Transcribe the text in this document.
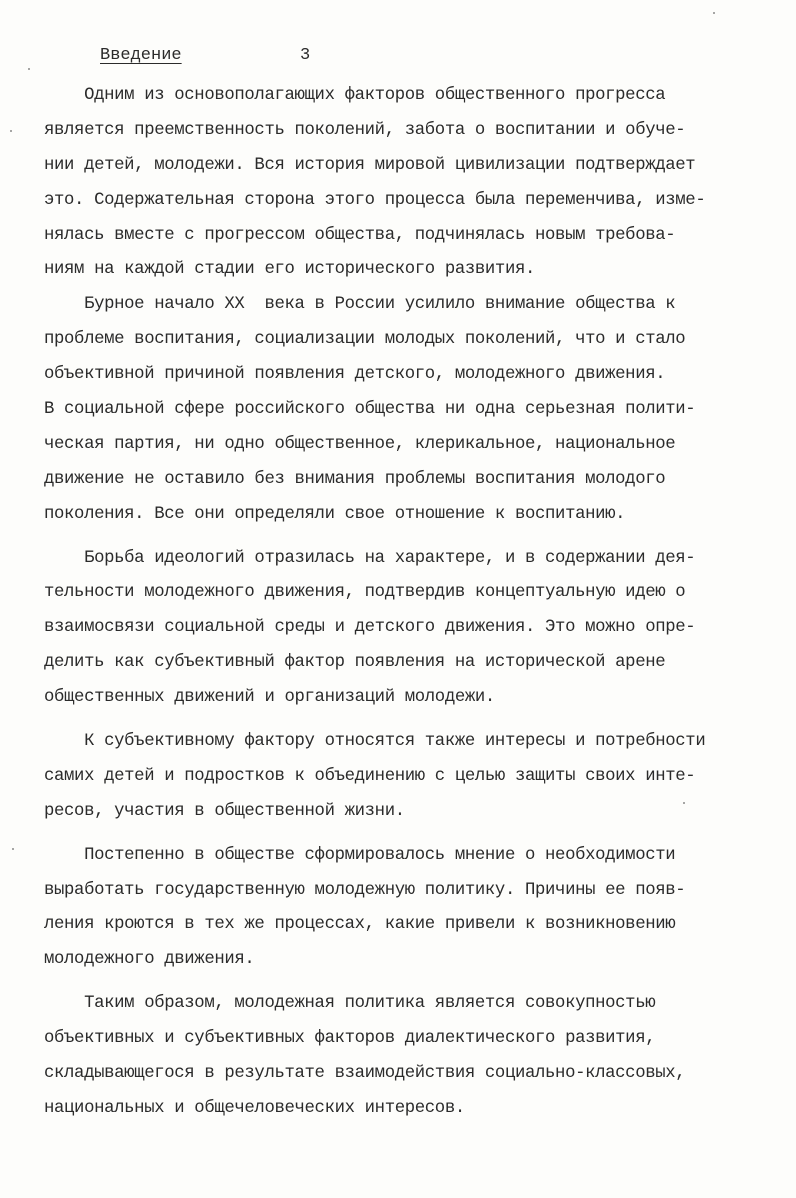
Введение	3
Одним из основополагающих факторов общественного прогресса
является преемственность поколений, забота о воспитании и обуче-
нии детей, молодежи. Вся история мировой цивилизации подтверждает
это. Содержательная сторона этого процесса была переменчива, изме-
нялась вместе с прогрессом общества, подчинялась новым требова-
ниям на каждой стадии его исторического развития.
Бурное начало XX  века в России усилило внимание общества к
проблеме воспитания, социализации молодых поколений, что и стало
объективной причиной появления детского, молодежного движения.
В социальной сфере российского общества ни одна серьезная полити-
ческая партия, ни одно общественное, клерикальное, национальное
движение не оставило без внимания проблемы воспитания молодого
поколения. Все они определяли свое отношение к воспитанию.
Борьба идеологий отразилась на характере, и в содержании дея-
тельности молодежного движения, подтвердив концептуальную идею о
взаимосвязи социальной среды и детского движения. Это можно опре-
делить как субъективный фактор появления на исторической арене
общественных движений и организаций молодежи.
К субъективному фактору относятся также интересы и потребности
самих детей и подростков к объединению с целью защиты своих инте-
ресов, участия в общественной жизни.
Постепенно в обществе сформировалось мнение о необходимости
выработать государственную молодежную политику. Причины ее появ-
ления кроются в тех же процессах, какие привели к возникновению
молодежного движения.
Таким образом, молодежная политика является совокупностью
объективных и субъективных факторов диалектического развития,
складывающегося в результате взаимодействия социально-классовых,
национальных и общечеловеческих интересов.
